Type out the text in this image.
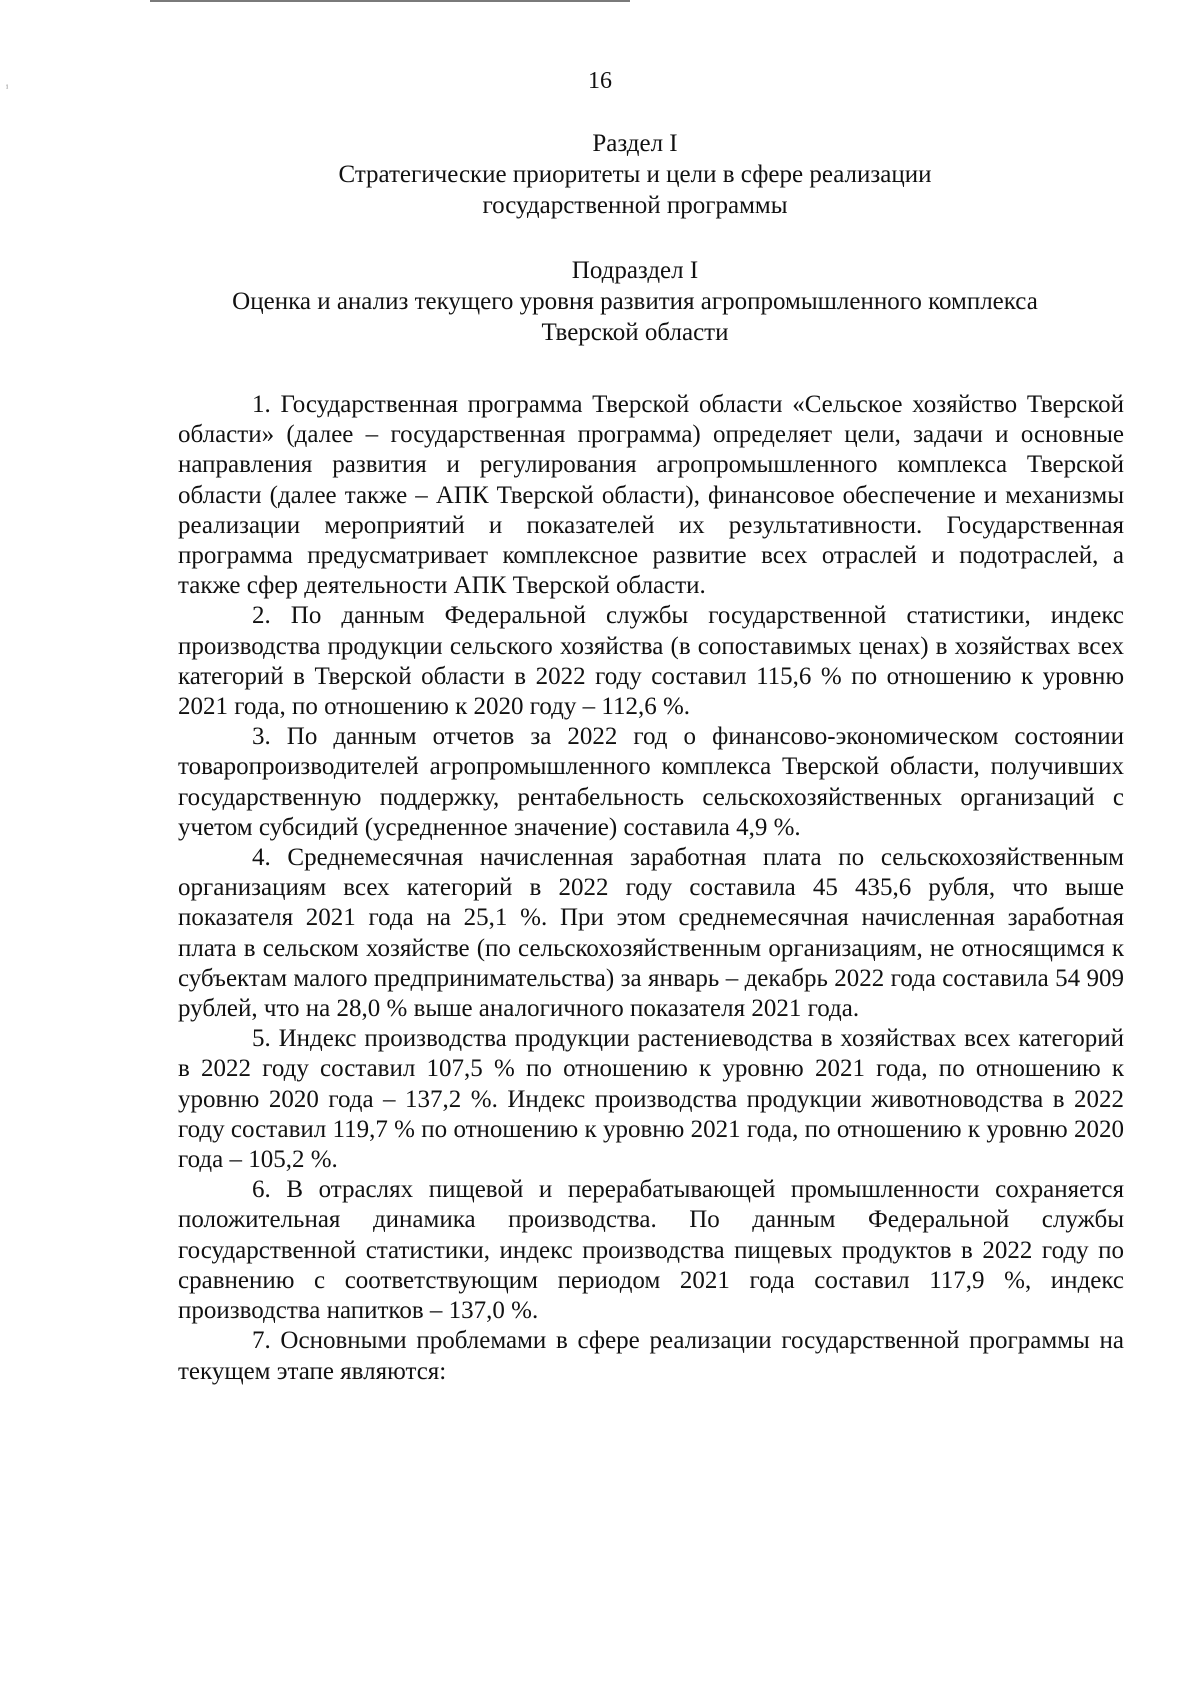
ⁱ	16
Раздел I
Стратегические приоритеты и цели в сфере реализации
государственной программы
Подраздел I
Оценка и анализ текущего уровня развития агропромышленного комплекса
Тверской области

1. Государственная программа Тверской области «Сельское хозяйство Тверской области» (далее – государственная программа) определяет цели, задачи и основные направления развития и регулирования агропромышленного комплекса Тверской области (далее также – АПК Тверской области), финансовое обеспечение и механизмы реализации мероприятий и показателей их результативности. Государственная программа предусматривает комплексное развитие всех отраслей и подотраслей, а также сфер деятельности АПК Тверской области.

2. По данным Федеральной службы государственной статистики, индекс производства продукции сельского хозяйства (в сопоставимых ценах) в хозяйствах всех категорий в Тверской области в 2022 году составил 115,6 % по отношению к уровню 2021 года, по отношению к 2020 году – 112,6 %.

3. По данным отчетов за 2022 год о финансово-экономическом состоянии товаропроизводителей агропромышленного комплекса Тверской области, получивших государственную поддержку, рентабельность сельскохозяйственных организаций с учетом субсидий (усредненное значение) составила 4,9 %.

4. Среднемесячная начисленная заработная плата по сельскохозяйственным организациям всех категорий в 2022 году составила 45 435,6 рубля, что выше показателя 2021 года на 25,1 %. При этом среднемесячная начисленная заработная плата в сельском хозяйстве (по сельскохозяйственным организациям, не относящимся к субъектам малого предпринимательства) за январь – декабрь 2022 года составила 54 909 рублей, что на 28,0 % выше аналогичного показателя 2021 года.

5. Индекс производства продукции растениеводства в хозяйствах всех категорий в 2022 году составил 107,5 % по отношению к уровню 2021 года, по отношению к уровню 2020 года – 137,2 %. Индекс производства продукции животноводства в 2022 году составил 119,7 % по отношению к уровню 2021 года, по отношению к уровню 2020 года – 105,2 %.

6. В отраслях пищевой и перерабатывающей промышленности сохраняется положительная динамика производства. По данным Федеральной службы государственной статистики, индекс производства пищевых продуктов в 2022 году по сравнению с соответствующим периодом 2021 года составил 117,9 %, индекс производства напитков – 137,0 %.

7. Основными проблемами в сфере реализации государственной программы на текущем этапе являются:
